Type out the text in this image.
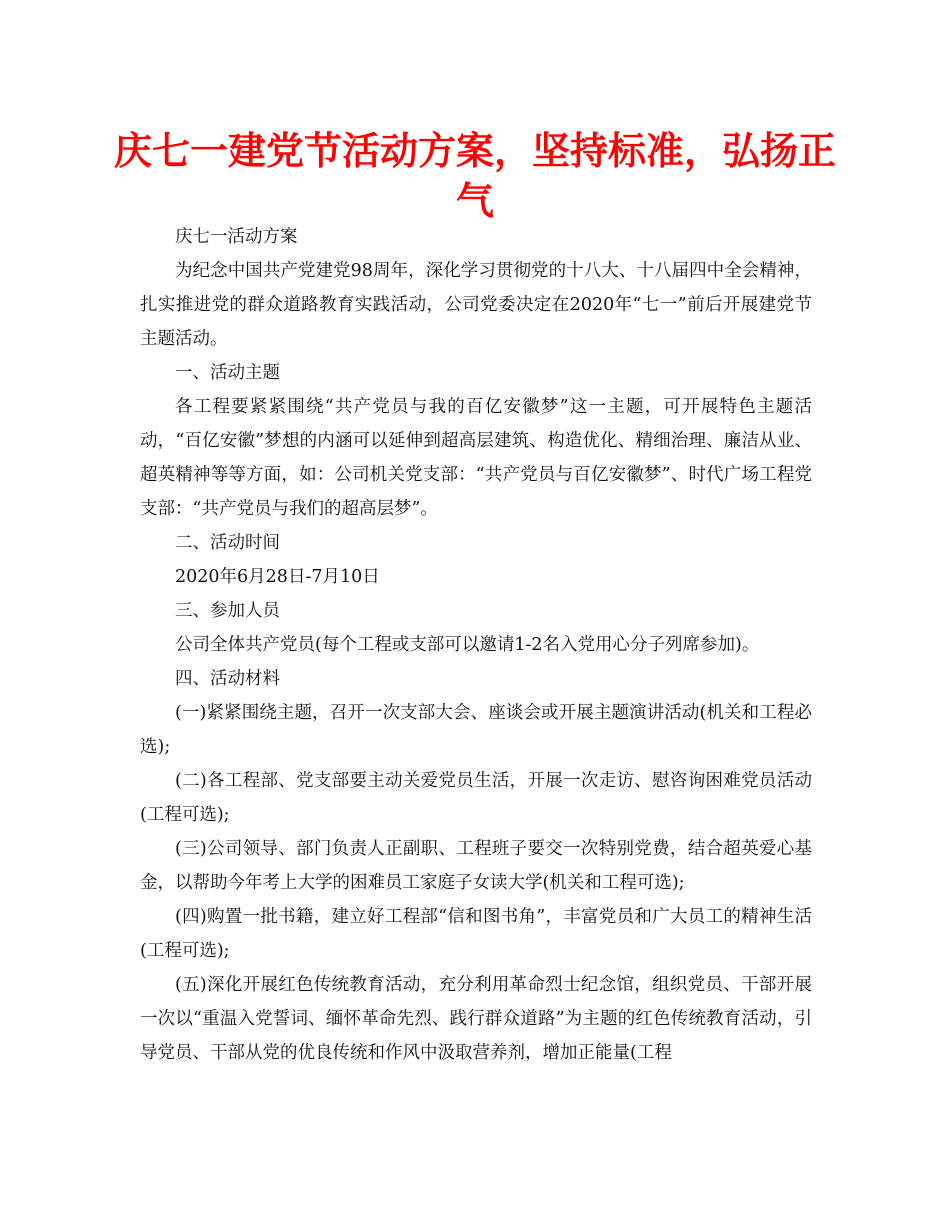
庆七一建党节活动方案，坚持标准，弘扬正气

庆七一活动方案

为纪念中国共产党建党98周年，深化学习贯彻党的十八大、十八届四中全会精神，扎实推进党的群众道路教育实践活动，公司党委决定在2020年“七一”前后开展建党节主题活动。

一、活动主题

各工程要紧紧围绕“共产党员与我的百亿安徽梦”这一主题，可开展特色主题活动，“百亿安徽”梦想的内涵可以延伸到超高层建筑、构造优化、精细治理、廉洁从业、超英精神等等方面，如：公司机关党支部：“共产党员与百亿安徽梦”、时代广场工程党支部：“共产党员与我们的超高层梦”。

二、活动时间

2020年6月28日-7月10日

三、参加人员

公司全体共产党员(每个工程或支部可以邀请1-2名入党用心分子列席参加)。

四、活动材料

(一)紧紧围绕主题，召开一次支部大会、座谈会或开展主题演讲活动(机关和工程必选);

(二)各工程部、党支部要主动关爱党员生活，开展一次走访、慰咨询困难党员活动(工程可选);

(三)公司领导、部门负责人正副职、工程班子要交一次特别党费，结合超英爱心基金，以帮助今年考上大学的困难员工家庭子女读大学(机关和工程可选);

(四)购置一批书籍，建立好工程部“信和图书角”，丰富党员和广大员工的精神生活(工程可选);

(五)深化开展红色传统教育活动，充分利用革命烈士纪念馆，组织党员、干部开展一次以“重温入党誓词、缅怀革命先烈、践行群众道路”为主题的红色传统教育活动，引导党员、干部从党的优良传统和作风中汲取营养剂，增加正能量(工程
